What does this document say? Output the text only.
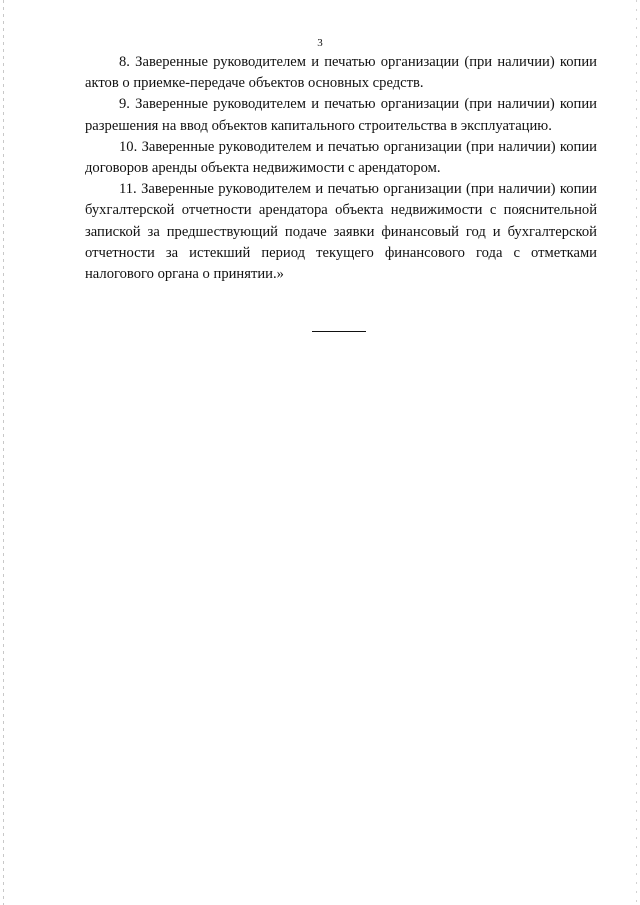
3

8. Заверенные руководителем и печатью организации (при наличии) копии актов о приемке-передаче объектов основных средств.

9. Заверенные руководителем и печатью организации (при наличии) копии разрешения на ввод объектов капитального строительства в эксплуатацию.

10. Заверенные руководителем и печатью организации (при наличии) копии договоров аренды объекта недвижимости с арендатором.

11. Заверенные руководителем и печатью организации (при наличии) копии бухгалтерской отчетности арендатора объекта недвижимости с пояснительной запиской за предшествующий подаче заявки финансовый год и бухгалтерской отчетности за истекший период текущего финансового года с отметками налогового органа о принятии.»
